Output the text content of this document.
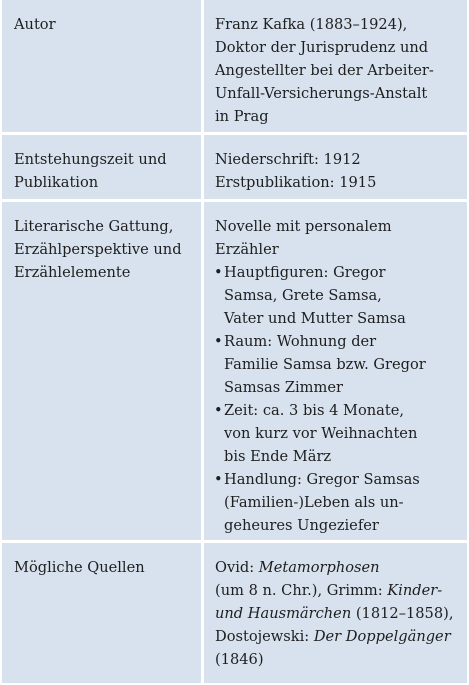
Autor	Franz Kafka (1883–1924),
Doktor der Jurisprudenz und
Angestellter bei der Arbeiter-
Unfall-Versicherungs-Anstalt
in Prag
Entstehungszeit und
Publikation
Niederschrift: 1912
Erstpublikation: 1915
Literarische Gattung,
Erzählperspektive und
Erzählelemente
Novelle mit personalem
Erzähler
• Hauptfiguren: Gregor
Samsa, Grete Samsa,
Vater und Mutter Samsa
• Raum: Wohnung der
Familie Samsa bzw. Gregor
Samsas Zimmer
• Zeit: ca. 3 bis 4 Monate,
von kurz vor Weihnachten
bis Ende März
• Handlung: Gregor Samsas
(Familien-)Leben als un-
geheures Ungeziefer
Mögliche Quellen	Ovid: Metamorphosen
(um 8 n. Chr.), Grimm: Kinder-
und Hausmärchen (1812–1858),
Dostojewski: Der Doppelgänger
(1846)
